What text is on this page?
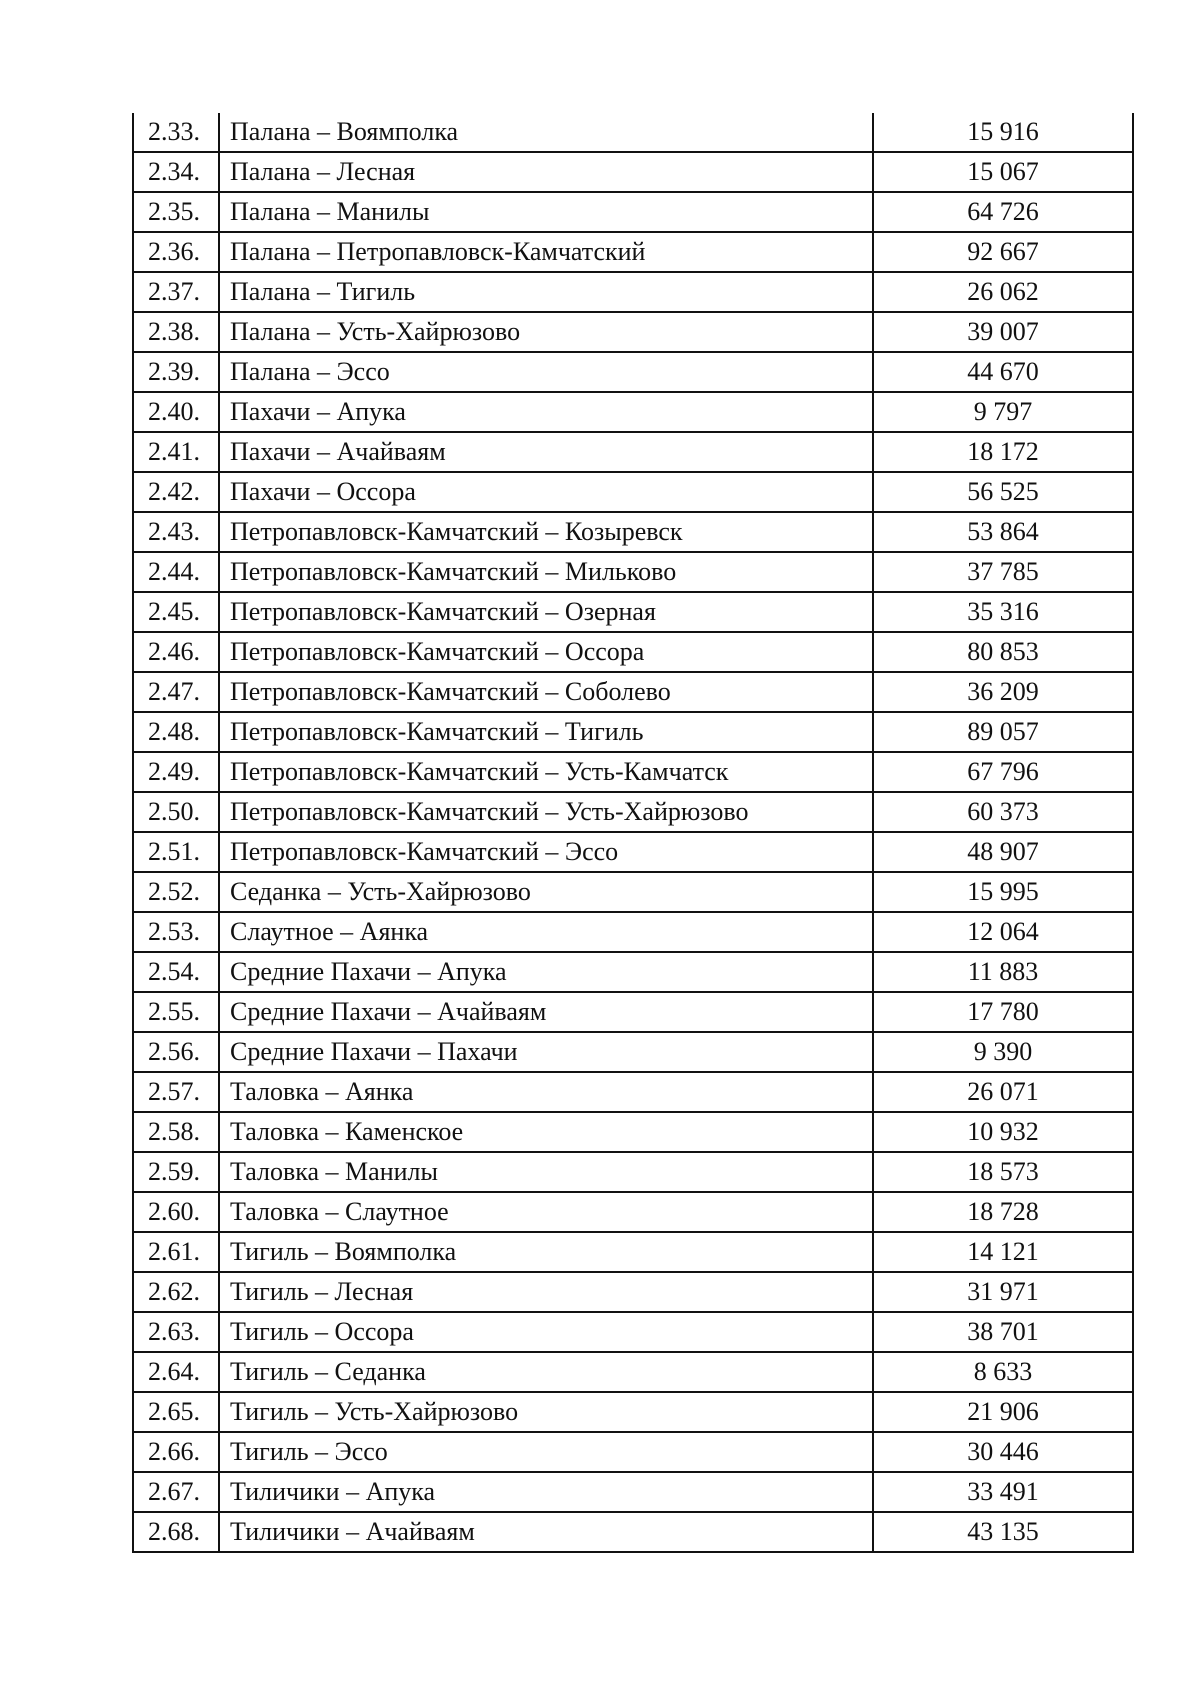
2.33.	Палана – Воямполка	15 916
2.34.	Палана – Лесная	15 067
2.35.	Палана – Манилы	64 726
2.36.	Палана – Петропавловск-Камчатский	92 667
2.37.	Палана – Тигиль	26 062
2.38.	Палана – Усть-Хайрюзово	39 007
2.39.	Палана – Эссо	44 670
2.40.	Пахачи – Апука	9 797
2.41.	Пахачи – Ачайваям	18 172
2.42.	Пахачи – Оссора	56 525
2.43.	Петропавловск-Камчатский – Козыревск	53 864
2.44.	Петропавловск-Камчатский – Мильково	37 785
2.45.	Петропавловск-Камчатский – Озерная	35 316
2.46.	Петропавловск-Камчатский – Оссора	80 853
2.47.	Петропавловск-Камчатский – Соболево	36 209
2.48.	Петропавловск-Камчатский – Тигиль	89 057
2.49.	Петропавловск-Камчатский – Усть-Камчатск	67 796
2.50.	Петропавловск-Камчатский – Усть-Хайрюзово	60 373
2.51.	Петропавловск-Камчатский – Эссо	48 907
2.52.	Седанка – Усть-Хайрюзово	15 995
2.53.	Слаутное – Аянка	12 064
2.54.	Средние Пахачи – Апука	11 883
2.55.	Средние Пахачи – Ачайваям	17 780
2.56.	Средние Пахачи – Пахачи	9 390
2.57.	Таловка – Аянка	26 071
2.58.	Таловка – Каменское	10 932
2.59.	Таловка – Манилы	18 573
2.60.	Таловка – Слаутное	18 728
2.61.	Тигиль – Воямполка	14 121
2.62.	Тигиль – Лесная	31 971
2.63.	Тигиль – Оссора	38 701
2.64.	Тигиль – Седанка	8 633
2.65.	Тигиль – Усть-Хайрюзово	21 906
2.66.	Тигиль – Эссо	30 446
2.67.	Тиличики – Апука	33 491
2.68.	Тиличики – Ачайваям	43 135
